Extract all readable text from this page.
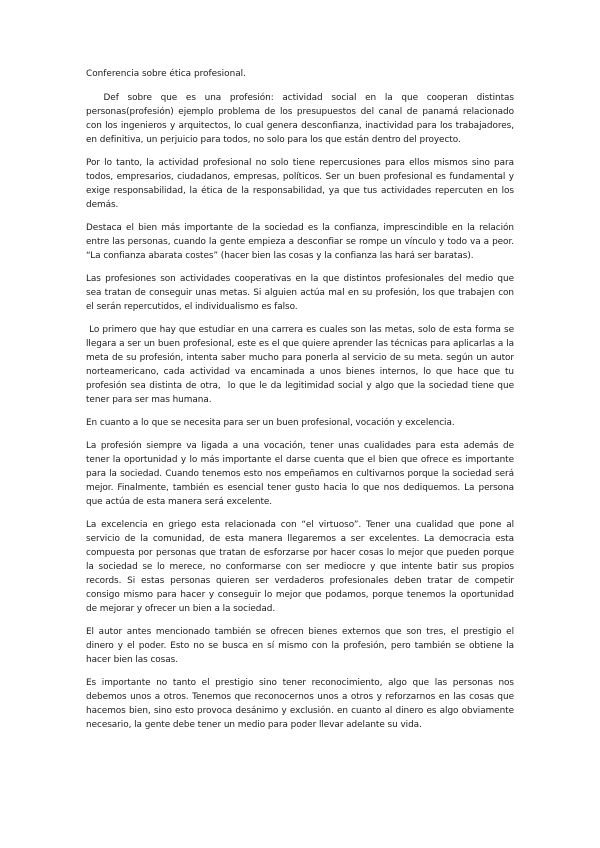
Conferencia sobre ética profesional.

Def sobre que es una profesión: actividad social en la que cooperan distintas personas(profesión) ejemplo problema de los presupuestos del canal de panamá relacionado con los ingenieros y arquitectos, lo cual genera desconfianza, inactividad para los trabajadores, en definitiva, un perjuicio para todos, no solo para los que están dentro del proyecto.

Por lo tanto, la actividad profesional no solo tiene repercusiones para ellos mismos sino para todos, empresarios, ciudadanos, empresas, políticos. Ser un buen profesional es fundamental y exige responsabilidad, la ética de la responsabilidad, ya que tus actividades repercuten en los demás.

Destaca el bien más importante de la sociedad es la confianza, imprescindible en la relación entre las personas, cuando la gente empieza a desconfiar se rompe un vínculo y todo va a peor. “La confianza abarata costes” (hacer bien las cosas y la confianza las hará ser baratas).

Las profesiones son actividades cooperativas en la que distintos profesionales del medio que sea tratan de conseguir unas metas. Si alguien actúa mal en su profesión, los que trabajen con el serán repercutidos, el individualismo es falso.

Lo primero que hay que estudiar en una carrera es cuales son las metas, solo de esta forma se llegara a ser un buen profesional, este es el que quiere aprender las técnicas para aplicarlas a la meta de su profesión, intenta saber mucho para ponerla al servicio de su meta. según un autor norteamericano, cada actividad va encaminada a unos bienes internos, lo que hace que tu profesión sea distinta de otra,  lo que le da legitimidad social y algo que la sociedad tiene que tener para ser mas humana.

En cuanto a lo que se necesita para ser un buen profesional, vocación y excelencia.

La profesión siempre va ligada a una vocación, tener unas cualidades para esta además de tener la oportunidad y lo más importante el darse cuenta que el bien que ofrece es importante para la sociedad. Cuando tenemos esto nos empeñamos en cultivarnos porque la sociedad será mejor. Finalmente, también es esencial tener gusto hacia lo que nos dediquemos. La persona que actúa de esta manera será excelente.

La excelencia en griego esta relacionada con “el virtuoso”. Tener una cualidad que pone al servicio de la comunidad, de esta manera llegaremos a ser excelentes. La democracia esta compuesta por personas que tratan de esforzarse por hacer cosas lo mejor que pueden porque la sociedad se lo merece, no conformarse con ser mediocre y que intente batir sus propios records. Si estas personas quieren ser verdaderos profesionales deben tratar de competir consigo mismo para hacer y conseguir lo mejor que podamos, porque tenemos la oportunidad de mejorar y ofrecer un bien a la sociedad.

El autor antes mencionado también se ofrecen bienes externos que son tres, el prestigio el dinero y el poder. Esto no se busca en sí mismo con la profesión, pero también se obtiene la hacer bien las cosas.

Es importante no tanto el prestigio sino tener reconocimiento, algo que las personas nos debemos unos a otros. Tenemos que reconocernos unos a otros y reforzarnos en las cosas que hacemos bien, sino esto provoca desánimo y exclusión. en cuanto al dinero es algo obviamente necesario, la gente debe tener un medio para poder llevar adelante su vida.
